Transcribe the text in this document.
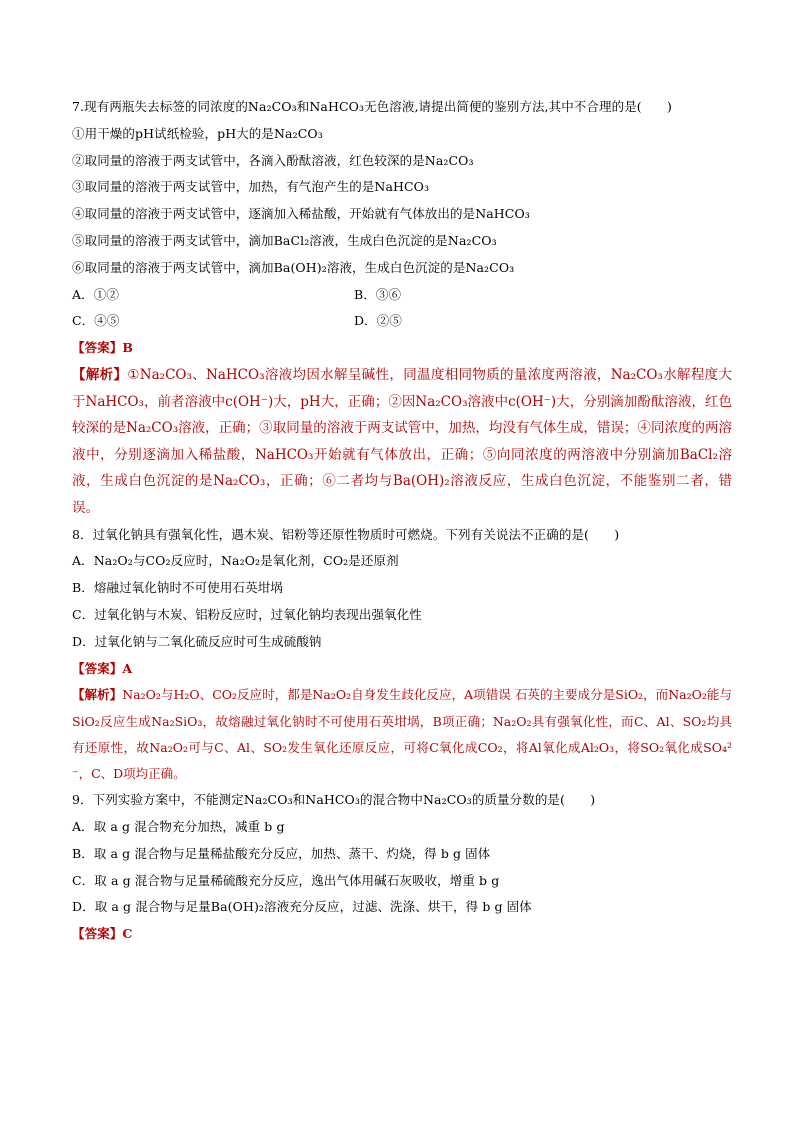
7.现有两瓶失去标签的同浓度的Na₂CO₃和NaHCO₃无色溶液,请提出简便的鉴别方法,其中不合理的是(　　)
①用干燥的pH试纸检验，pH大的是Na₂CO₃
②取同量的溶液于两支试管中，各滴入酚酞溶液，红色较深的是Na₂CO₃
③取同量的溶液于两支试管中，加热，有气泡产生的是NaHCO₃
④取同量的溶液于两支试管中，逐滴加入稀盐酸，开始就有气体放出的是NaHCO₃
⑤取同量的溶液于两支试管中，滴加BaCl₂溶液，生成白色沉淀的是Na₂CO₃
⑥取同量的溶液于两支试管中，滴加Ba(OH)₂溶液，生成白色沉淀的是Na₂CO₃
A．①②	B．③⑥
C．④⑤	D．②⑤
【答案】B
【解析】①Na₂CO₃、NaHCO₃溶液均因水解呈碱性，同温度相同物质的量浓度两溶液，Na₂CO₃水解程度大于NaHCO₃，前者溶液中c(OH⁻)大，pH大，正确；②因Na₂CO₃溶液中c(OH⁻)大，分别滴加酚酞溶液，红色较深的是Na₂CO₃溶液，正确；③取同量的溶液于两支试管中，加热，均没有气体生成，错误；④同浓度的两溶液中，分别逐滴加入稀盐酸，NaHCO₃开始就有气体放出，正确；⑤向同浓度的两溶液中分别滴加BaCl₂溶液，生成白色沉淀的是Na₂CO₃，正确；⑥二者均与Ba(OH)₂溶液反应，生成白色沉淀，不能鉴别二者，错误。
8．过氧化钠具有强氧化性，遇木炭、铝粉等还原性物质时可燃烧。下列有关说法不正确的是(　　)
A．Na₂O₂与CO₂反应时，Na₂O₂是氧化剂，CO₂是还原剂
B．熔融过氧化钠时不可使用石英坩埚
C．过氧化钠与木炭、铝粉反应时，过氧化钠均表现出强氧化性
D．过氧化钠与二氧化硫反应时可生成硫酸钠
【答案】A
【解析】Na₂O₂与H₂O、CO₂反应时，都是Na₂O₂自身发生歧化反应，A项错误 石英的主要成分是SiO₂，而Na₂O₂能与SiO₂反应生成Na₂SiO₃，故熔融过氧化钠时不可使用石英坩埚，B项正确；Na₂O₂具有强氧化性，而C、Al、SO₂均具有还原性，故Na₂O₂可与C、Al、SO₂发生氧化还原反应，可将C氧化成CO₂，将Al氧化成Al₂O₃，将SO₂氧化成SO₄²⁻，C、D项均正确。
9．下列实验方案中，不能测定Na₂CO₃和NaHCO₃的混合物中Na₂CO₃的质量分数的是(　　)
A．取 a g 混合物充分加热，减重 b g
B．取 a g 混合物与足量稀盐酸充分反应，加热、蒸干、灼烧，得 b g 固体
C．取 a g 混合物与足量稀硫酸充分反应，逸出气体用碱石灰吸收，增重 b g
D．取 a g 混合物与足量Ba(OH)₂溶液充分反应，过滤、洗涤、烘干，得 b g 固体
【答案】C
